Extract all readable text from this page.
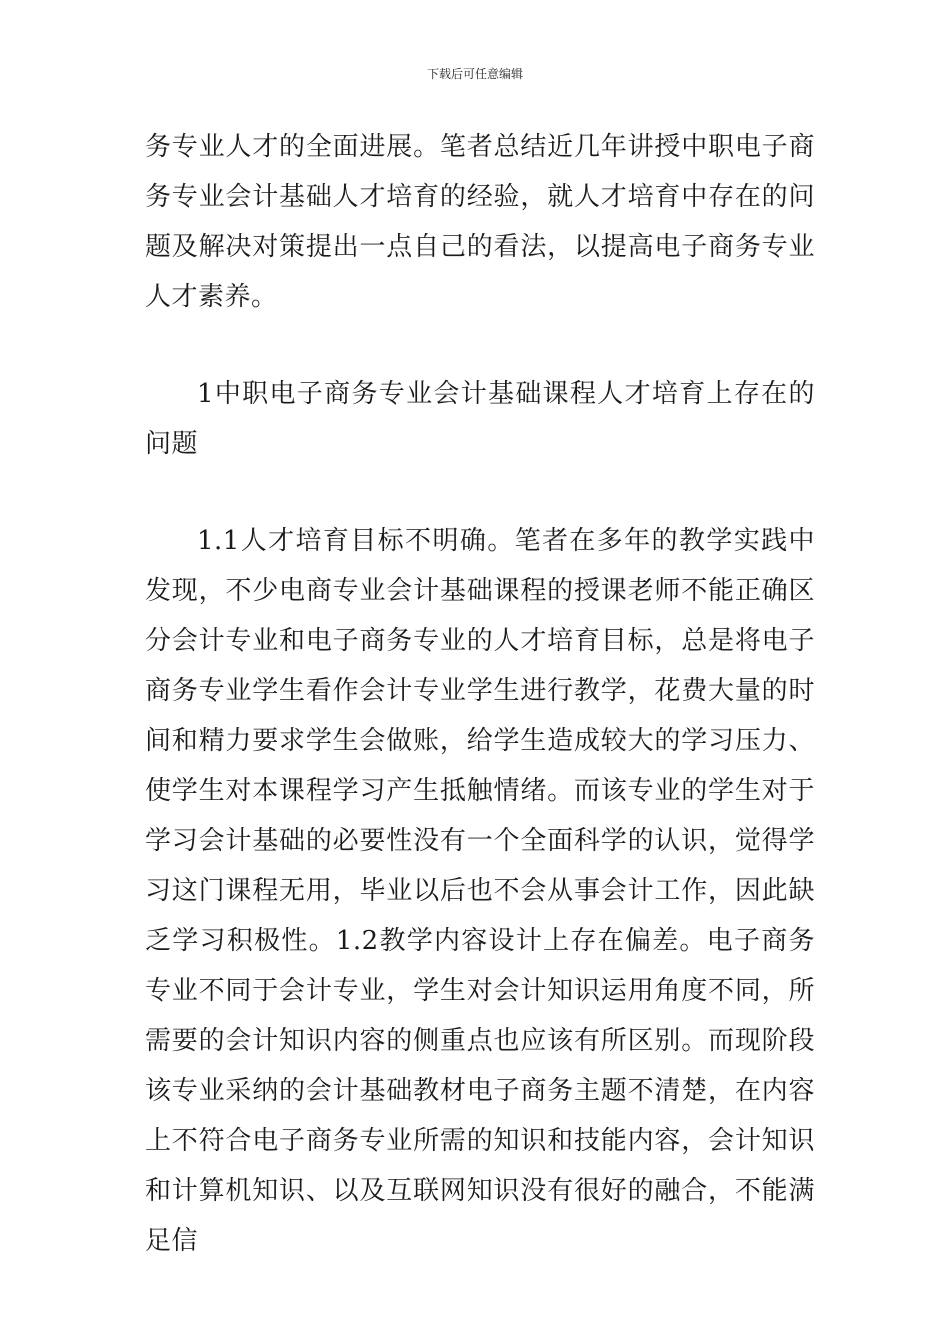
下载后可任意编辑

务专业人才的全面进展。笔者总结近几年讲授中职电子商务专业会计基础人才培育的经验，就人才培育中存在的问题及解决对策提出一点自己的看法，以提高电子商务专业人才素养。

1中职电子商务专业会计基础课程人才培育上存在的问题

1.1人才培育目标不明确。笔者在多年的教学实践中发现，不少电商专业会计基础课程的授课老师不能正确区分会计专业和电子商务专业的人才培育目标，总是将电子商务专业学生看作会计专业学生进行教学，花费大量的时间和精力要求学生会做账，给学生造成较大的学习压力、使学生对本课程学习产生抵触情绪。而该专业的学生对于学习会计基础的必要性没有一个全面科学的认识，觉得学习这门课程无用，毕业以后也不会从事会计工作，因此缺乏学习积极性。1.2教学内容设计上存在偏差。电子商务专业不同于会计专业，学生对会计知识运用角度不同，所需要的会计知识内容的侧重点也应该有所区别。而现阶段该专业采纳的会计基础教材电子商务主题不清楚，在内容上不符合电子商务专业所需的知识和技能内容，会计知识和计算机知识、以及互联网知识没有很好的融合，不能满足信
